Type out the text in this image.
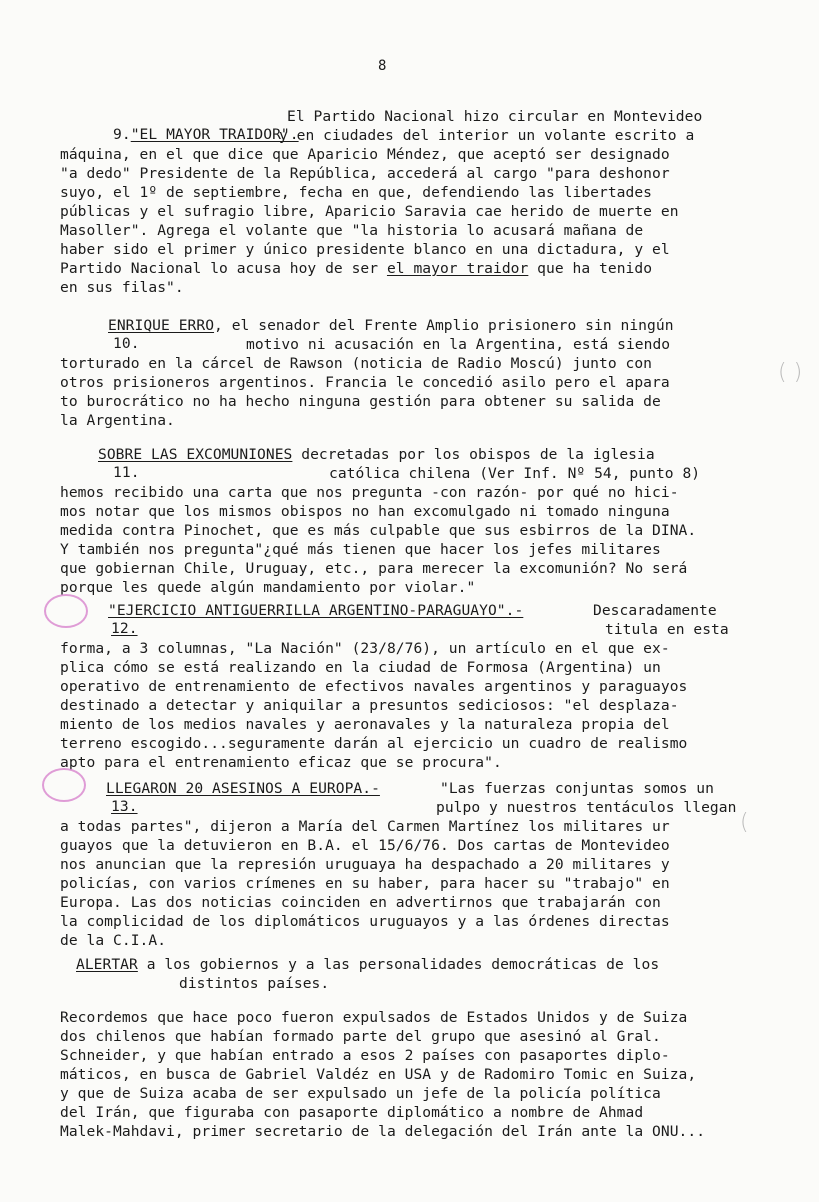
8

9."EL MAYOR TRAIDOR".

El Partido Nacional hizo circular en Montevideo
y en ciudades del interior un volante escrito a
máquina, en el que dice que Aparicio Méndez, que aceptó ser designado
"a dedo" Presidente de la República, accederá al cargo "para deshonor
suyo, el 1º de septiembre, fecha en que, defendiendo las libertades
públicas y el sufragio libre, Aparicio Saravia cae herido de muerte en
Masoller". Agrega el volante que "la historia lo acusará mañana de
haber sido el primer y único presidente blanco en una dictadura, y el
Partido Nacional lo acusa hoy de ser el mayor traidor que ha tenido
en sus filas".

10.

ENRIQUE ERRO, el senador del Frente Amplio prisionero sin ningún
motivo ni acusación en la Argentina, está siendo
torturado en la cárcel de Rawson (noticia de Radio Moscú) junto con
otros prisioneros argentinos. Francia le concedió asilo pero el apara
to burocrático no ha hecho ninguna gestión para obtener su salida de
la Argentina.

11.

SOBRE LAS EXCOMUNIONES decretadas por los obispos de la iglesia
católica chilena (Ver Inf. Nº 54, punto 8)
hemos recibido una carta que nos pregunta -con razón- por qué no hici-
mos notar que los mismos obispos no han excomulgado ni tomado ninguna
medida contra Pinochet, que es más culpable que sus esbirros de la DINA.
Y también nos pregunta"¿qué más tienen que hacer los jefes militares
que gobiernan Chile, Uruguay, etc., para merecer la excomunión? No será
porque les quede algún mandamiento por violar."

12.

"EJERCICIO ANTIGUERRILLA ARGENTINO-PARAGUAYO".-	Descaradamente
titula en esta
forma, a 3 columnas, "La Nación" (23/8/76), un artículo en el que ex-
plica cómo se está realizando en la ciudad de Formosa (Argentina) un
operativo de entrenamiento de efectivos navales argentinos y paraguayos
destinado a detectar y aniquilar a presuntos sediciosos: "el desplaza-
miento de los medios navales y aeronavales y la naturaleza propia del
terreno escogido...seguramente darán al ejercicio un cuadro de realismo
apto para el entrenamiento eficaz que se procura".

13.

LLEGARON 20 ASESINOS A EUROPA.-	"Las fuerzas conjuntas somos un
pulpo y nuestros tentáculos llegan
a todas partes", dijeron a María del Carmen Martínez los militares ur
guayos que la detuvieron en B.A. el 15/6/76. Dos cartas de Montevideo
nos anuncian que la represión uruguaya ha despachado a 20 militares y
policías, con varios crímenes en su haber, para hacer su "trabajo" en
Europa. Las dos noticias coinciden en advertirnos que trabajarán con
la complicidad de los diplomáticos uruguayos y a las órdenes directas
de la C.I.A.
ALERTAR a los gobiernos y a las personalidades democráticas de los
distintos países.
Recordemos que hace poco fueron expulsados de Estados Unidos y de Suiza
dos chilenos que habían formado parte del grupo que asesinó al Gral.
Schneider, y que habían entrado a esos 2 países con pasaportes diplo-
máticos, en busca de Gabriel Valdéz en USA y de Radomiro Tomic en Suiza,
y que de Suiza acaba de ser expulsado un jefe de la policía política
del Irán, que figuraba con pasaporte diplomático a nombre de Ahmad
Malek-Mahdavi, primer secretario de la delegación del Irán ante la ONU...
( )
(
